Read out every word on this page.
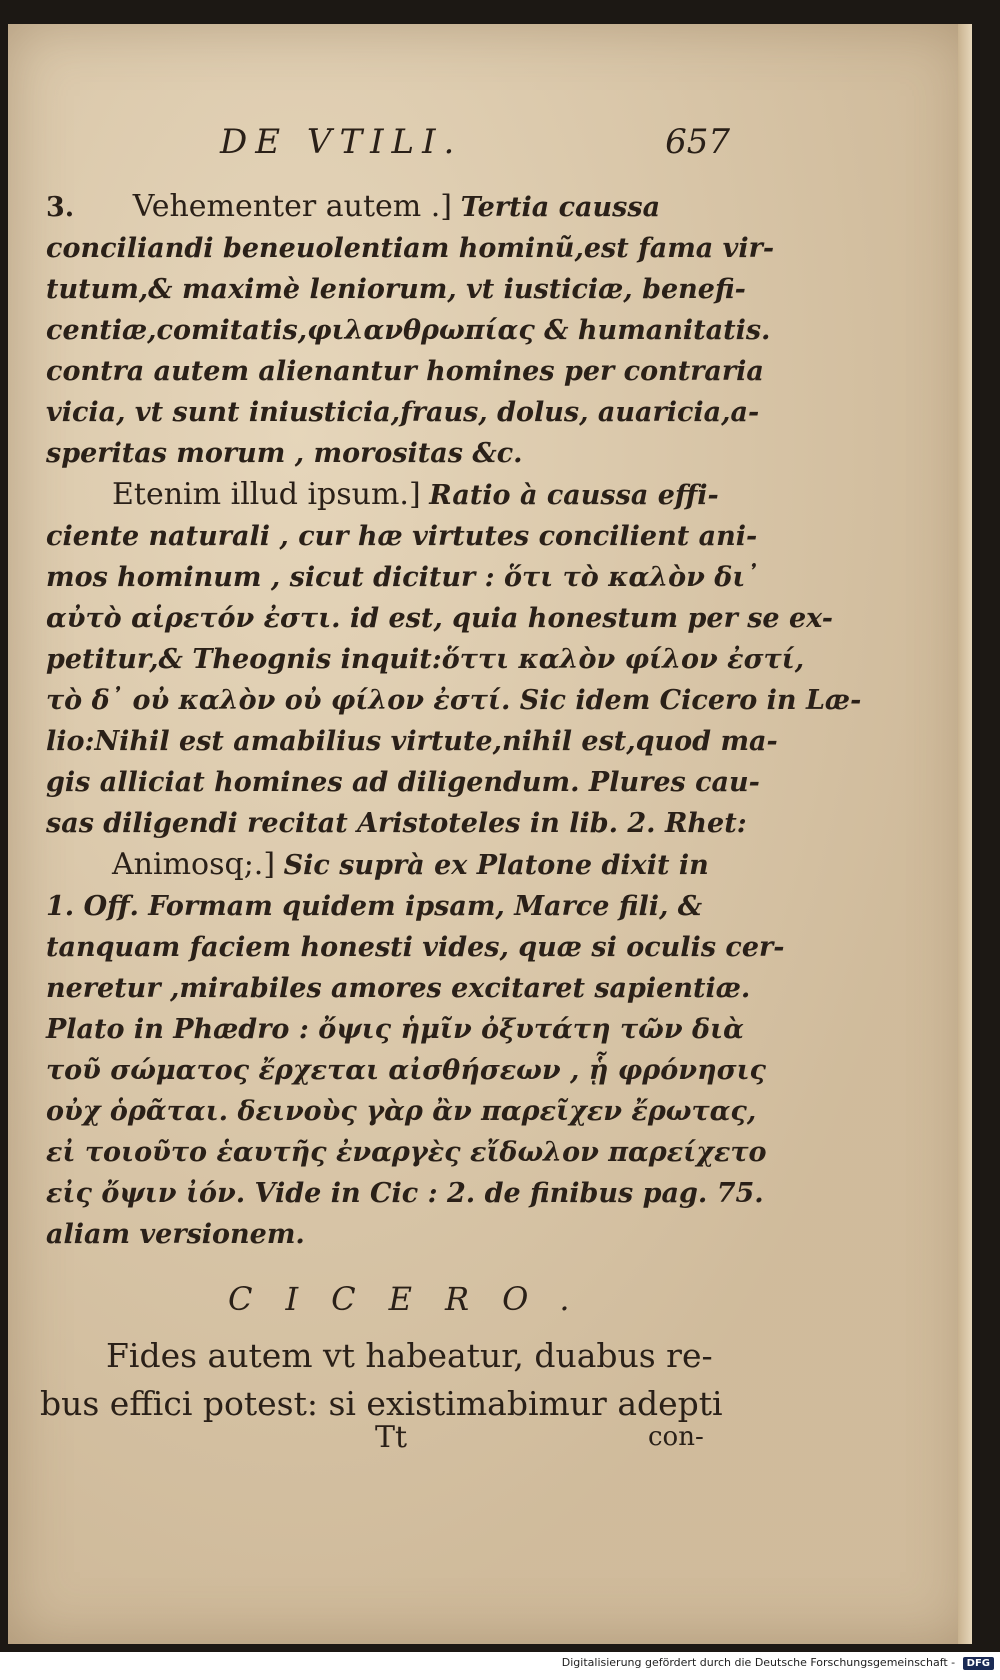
DE VTILI.	657
3. Vehementer autem .] Tertia caussa
conciliandi beneuolentiam hominũ,est fama vir-
tutum,& maximè leniorum, vt iusticiæ, benefi-
centiæ,comitatis,φιλανθρωπίας & humanitatis.
contra autem alienantur homines per contraria
vicia, vt sunt iniusticia,fraus, dolus, auaricia,a-
speritas morum , morositas &c.
Etenim illud ipsum.] Ratio à caussa effi-
ciente naturali , cur hæ virtutes concilient ani-
mos hominum , sicut dicitur : ὅτι τὸ καλὸν δι᾽
αὐτὸ αἱρετόν ἐστι. id est, quia honestum per se ex-
petitur,& Theognis inquit:ὅττι καλὸν φίλον ἐστί,
τὸ δ᾽ οὐ καλὸν οὐ φίλον ἐστί. Sic idem Cicero in Læ-
lio:Nihil est amabilius virtute,nihil est,quod ma-
gis alliciat homines ad diligendum. Plures cau-
sas diligendi recitat Aristoteles in lib. 2. Rhet:
Animosq;.] Sic suprà ex Platone dixit in
1. Off. Formam quidem ipsam, Marce fili, &
tanquam faciem honesti vides, quæ si oculis cer-
neretur ,mirabiles amores excitaret sapientiæ.
Plato in Phædro : ὄψις ἡμῖν ὀξυτάτη τῶν διὰ
τοῦ σώματος ἔρχεται αἰσθήσεων , ᾗ φρόνησις
οὐχ ὁρᾶται. δεινοὺς γὰρ ἂν παρεῖχεν ἔρωτας,
εἰ τοιοῦτο ἑαυτῆς ἐναργὲς εἴδωλον παρείχετο
εἰς ὄψιν ἰόν. Vide in Cic : 2. de finibus pag. 75.
aliam versionem.
CICERO.
Fides autem vt habeatur, duabus re-
bus effici potest: si existimabimur adepti
Tt	con-
Digitalisierung gefördert durch die Deutsche Forschungsgemeinschaft - DFG
